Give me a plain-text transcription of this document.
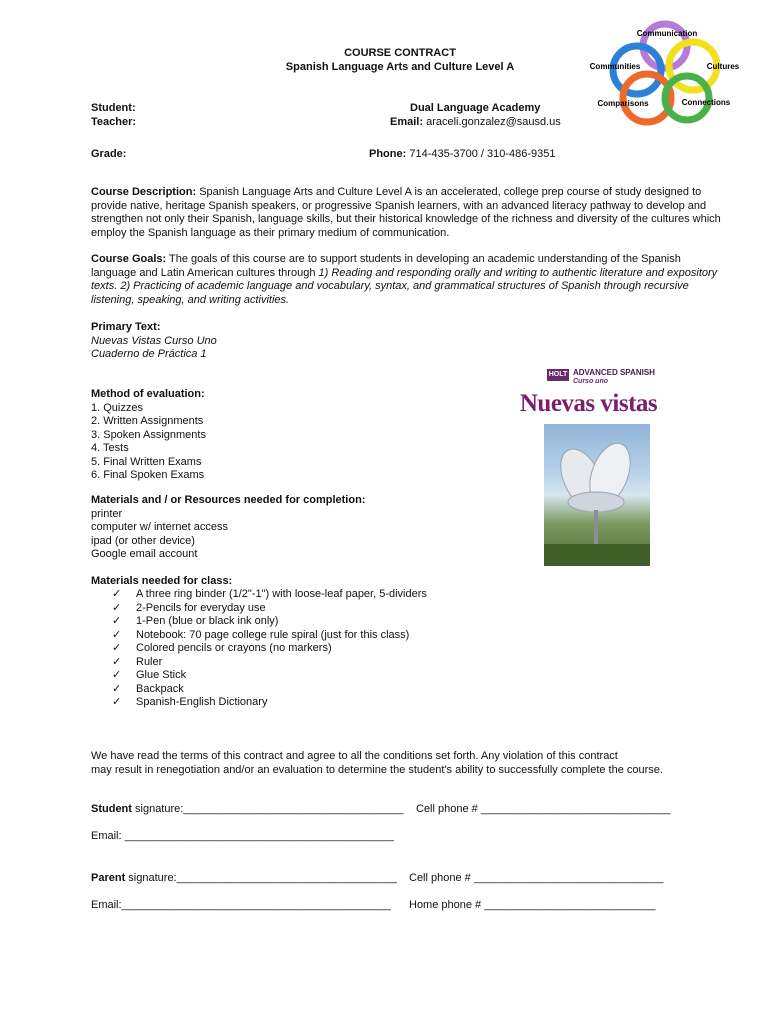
COURSE CONTRACT
Spanish Language Arts and Culture Level A
Communication
Communities	Cultures
Comparisons	Connections
Student:
Teacher:
Grade:
Dual Language Academy
Email: araceli.gonzalez@sausd.us
Phone: 714-435-3700 / 310-486-9351
Course Description: Spanish Language Arts and Culture Level A is an accelerated, college prep course of study designed to provide native, heritage Spanish speakers, or progressive Spanish learners, with an advanced literacy pathway to develop and strengthen not only their Spanish, language skills, but their historical knowledge of the richness and diversity of the cultures which employ the Spanish language as their primary medium of communication.
Course Goals: The goals of this course are to support students in developing an academic understanding of the Spanish language and Latin American cultures through 1) Reading and responding orally and writing to authentic literature and expository texts. 2) Practicing of academic language and vocabulary, syntax, and grammatical structures of Spanish through recursive listening, speaking, and writing activities.
Primary Text:
Nuevas Vistas Curso Uno
Cuaderno de Práctica 1
HOLT ADVANCED SPANISH
Curso uno
Nuevas vistas
Method of evaluation:
1. Quizzes
2. Written Assignments
3. Spoken Assignments
4. Tests
5. Final Written Exams
6. Final Spoken Exams
Materials and / or Resources needed for completion:
printer
computer w/ internet access
ipad (or other device)
Google email account
Materials needed for class:
✓	A three ring binder (1/2"-1") with loose-leaf paper, 5-dividers
✓	2-Pencils for everyday use
✓	1-Pen (blue or black ink only)
✓	Notebook: 70 page college rule spiral (just for this class)
✓	Colored pencils or crayons (no markers)
✓	Ruler
✓	Glue Stick
✓	Backpack
✓	Spanish-English Dictionary
We have read the terms of this contract and agree to all the conditions set forth. Any violation of this contract
may result in renegotiation and/or an evaluation to determine the student's ability to successfully complete the course.
Student signature:____________________________________ Cell phone # _______________________________
Email: ____________________________________________
Parent signature:____________________________________ Cell phone # _______________________________
Email:____________________________________________ Home phone # ____________________________
